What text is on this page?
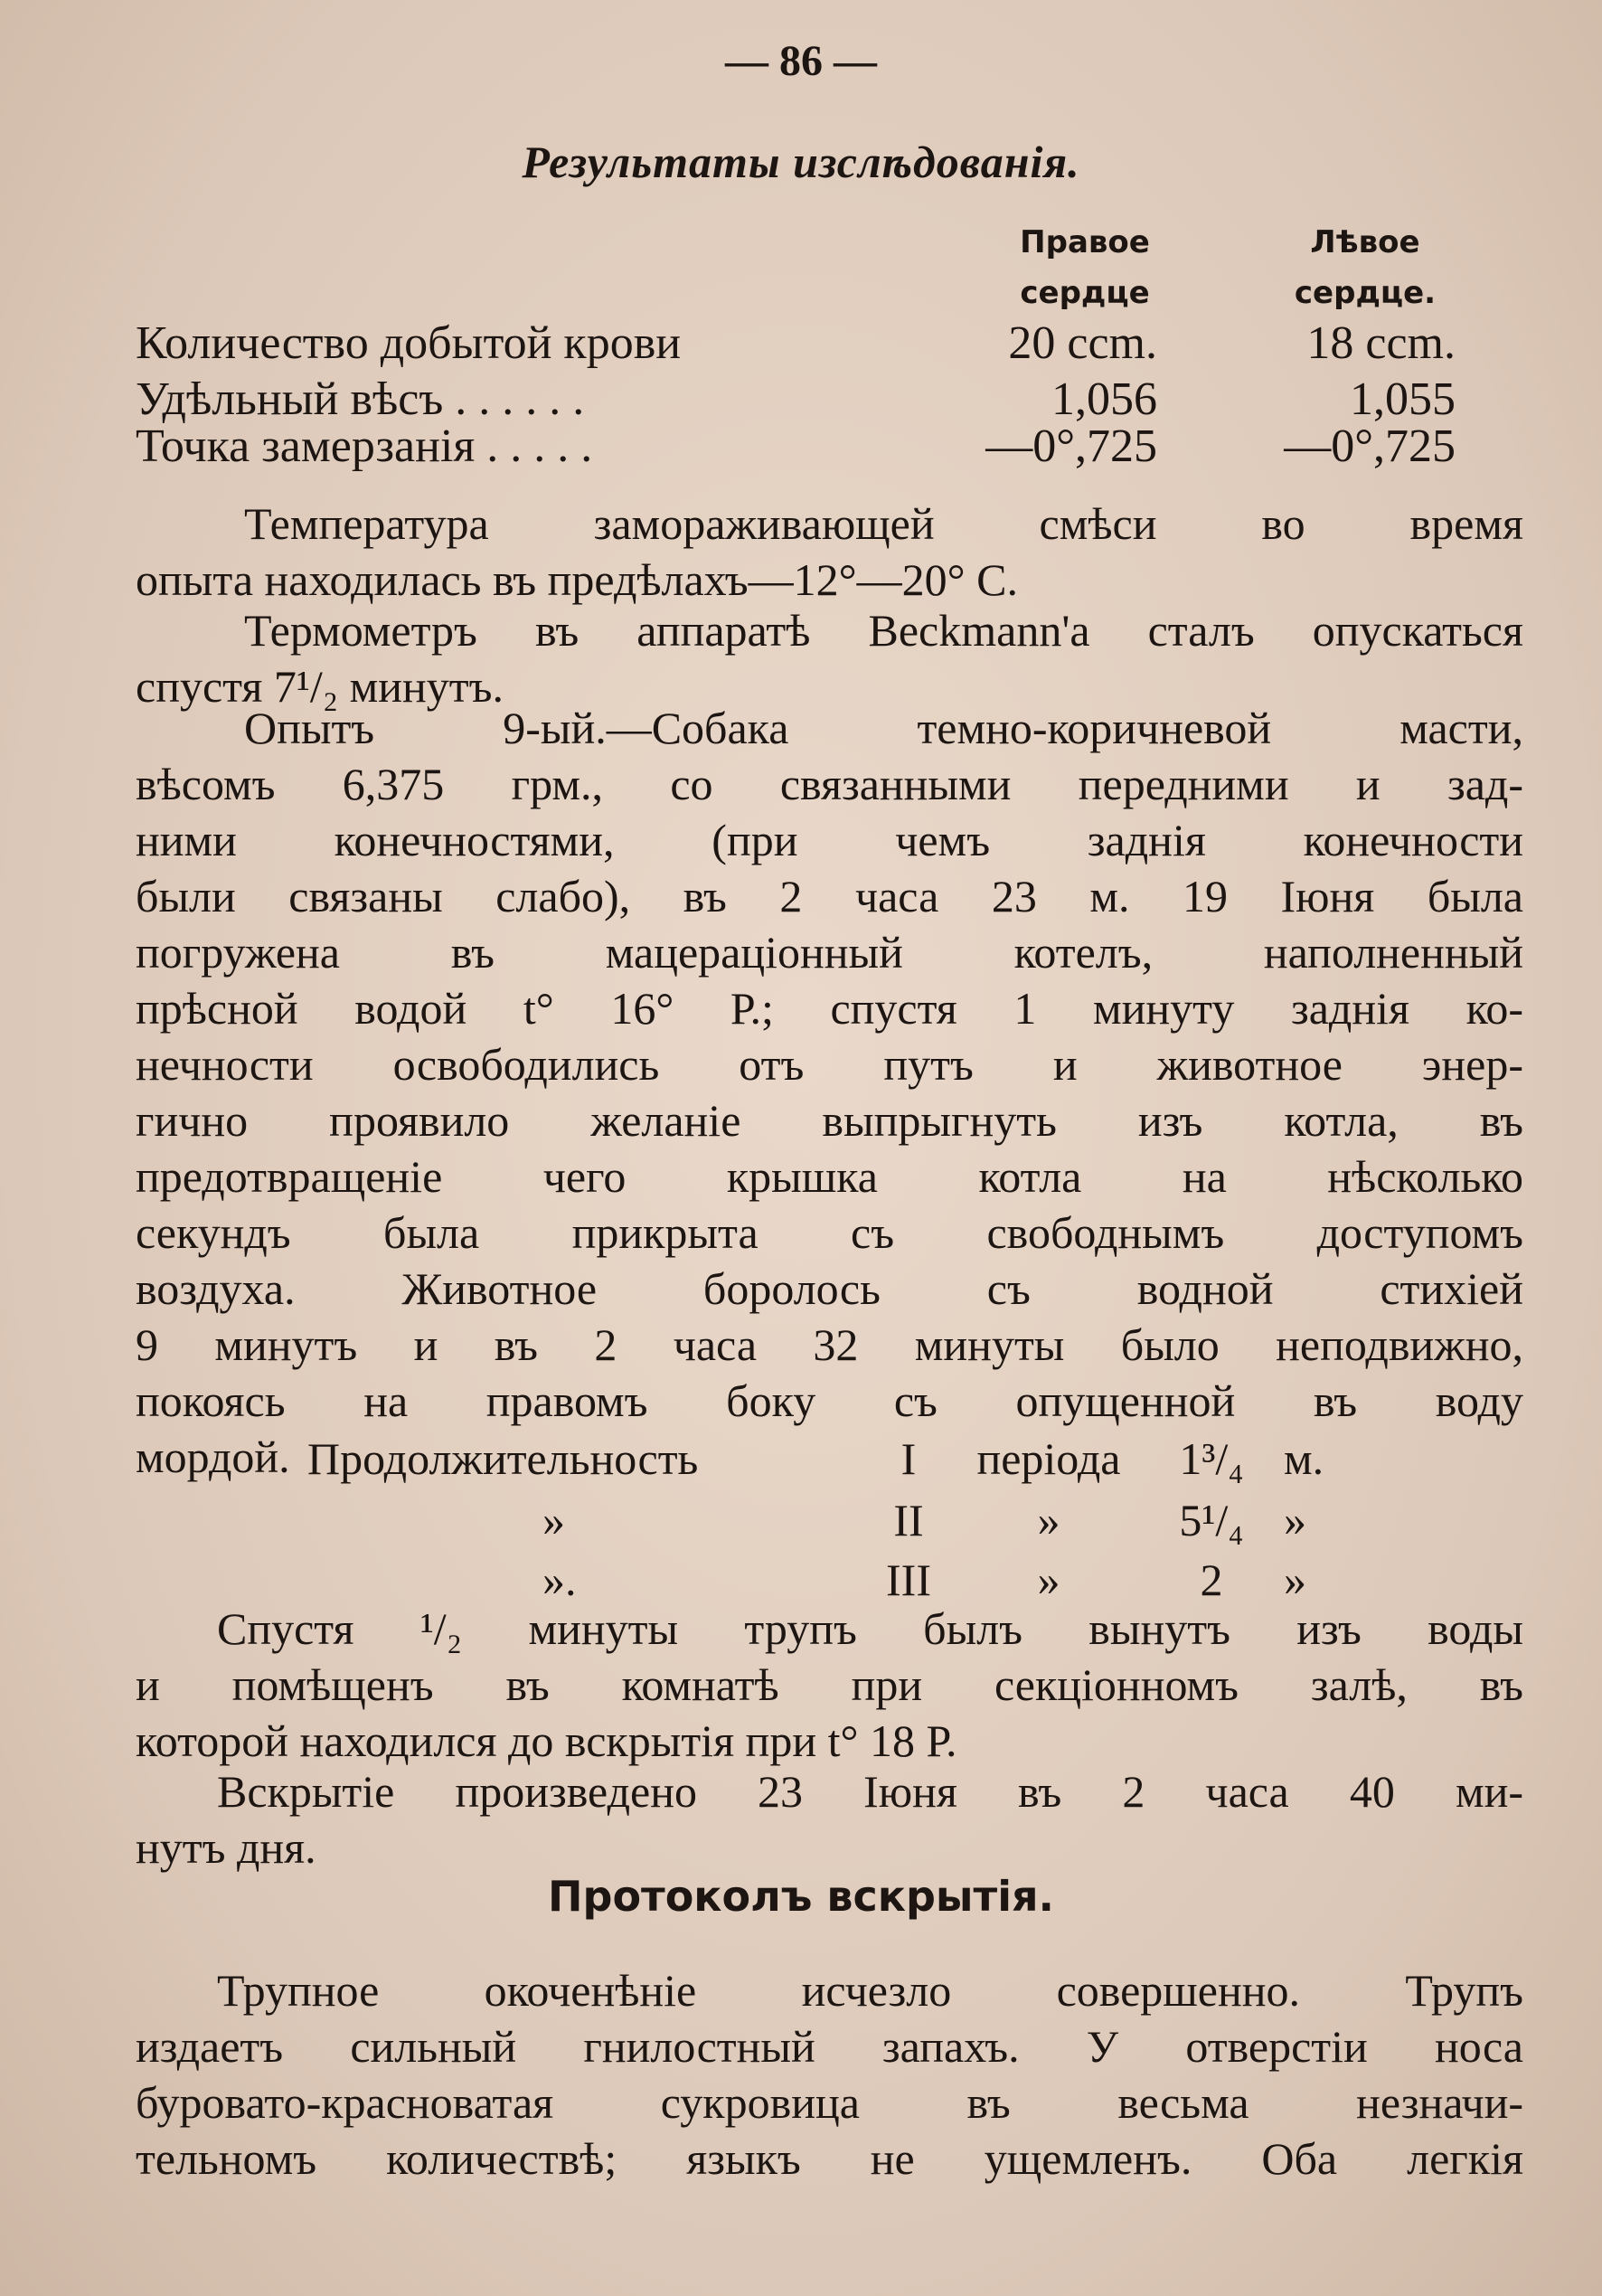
— 86 —
Результаты изслѣдованія.
Правое
сердце
Лѣвое
сердце.
Количество добытой крови	20 ccm.	18 ccm.
Удѣльный вѣсъ . . . . . .	1,056	1,055
Точка замерзанія . . . . .	—0°,725	—0°,725
Температура замораживающей смѣси во время
опыта находилась въ предѣлахъ—12°—20° C.
Термометръ въ аппаратѣ Beckmann'а сталъ опускаться
спустя 7¹/₂ минутъ.
Опытъ 9-ый.—Собака темно-коричневой масти,
вѣсомъ 6,375 грм., со связанными передними и зад-
ними конечностями, (при чемъ заднія конечности
были связаны слабо), въ 2 часа 23 м. 19 Іюня была
погружена въ мацераціонный котелъ, наполненный
прѣсной водой t° 16° Р.; спустя 1 минуту заднія ко-
нечности освободились отъ путъ и животное энер-
гично проявило желаніе выпрыгнуть изъ котла, въ
предотвращеніе чего крышка котла на нѣсколько
секундъ была прикрыта съ свободнымъ доступомъ
воздуха. Животное боролось съ водной стихіей
9 минутъ и въ 2 часа 32 минуты было неподвижно,
покоясь на правомъ боку съ опущенной въ воду
мордой. Продолжительность	I	періода	1³/₄ м.
»	II	»	5¹/₄ »
».	III	»	2	»
Спустя ¹/₂ минуты трупъ былъ вынутъ изъ воды
и помѣщенъ въ комнатѣ при секціонномъ залѣ, въ
которой находился до вскрытія при t° 18 Р.
Вскрытіе произведено 23 Іюня въ 2 часа 40 ми-
нутъ дня.
Протоколъ вскрытія.
Трупное окоченѣніе исчезло совершенно. Трупъ
издаетъ сильный гнилостный запахъ. У отверстіи носа
буровато-красноватая сукровица въ весьма незначи-
тельномъ количествѣ; языкъ не ущемленъ. Оба легкія
